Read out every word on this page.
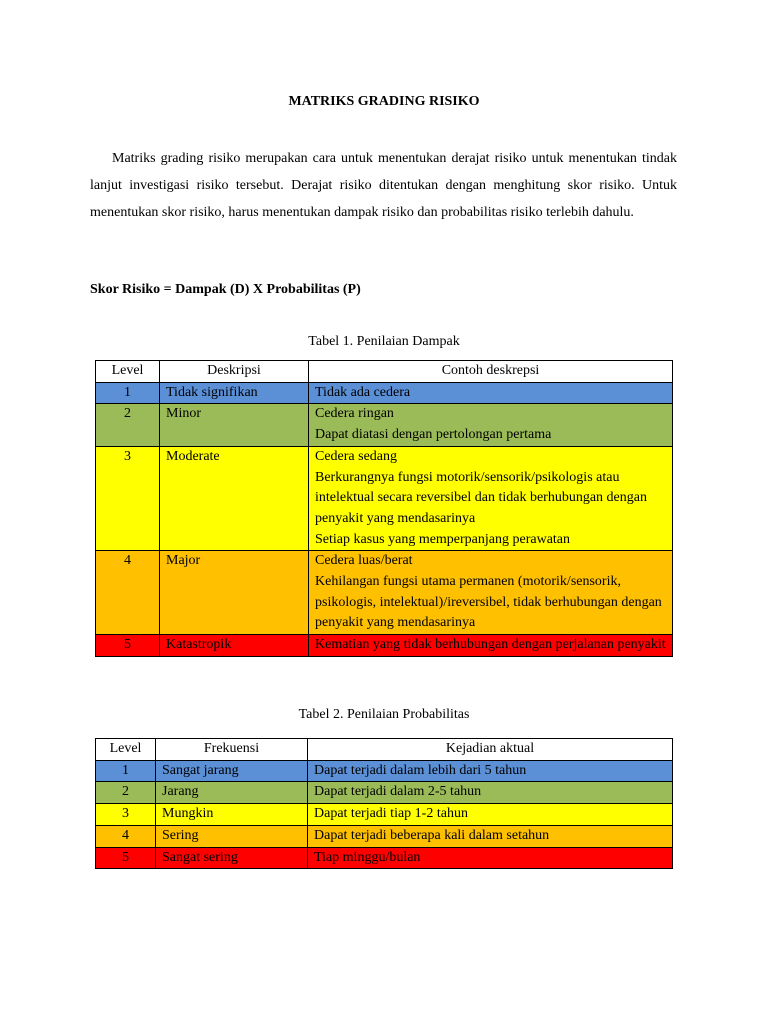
MATRIKS GRADING RISIKO

Matriks grading risiko merupakan cara untuk menentukan derajat risiko untuk menentukan tindak lanjut investigasi risiko tersebut. Derajat risiko ditentukan dengan menghitung skor risiko. Untuk menentukan skor risiko, harus menentukan dampak risiko dan probabilitas risiko terlebih dahulu.

Skor Risiko = Dampak (D) X Probabilitas (P)
Tabel 1. Penilaian Dampak
Level	Deskripsi	Contoh deskrepsi
1	Tidak signifikan	Tidak ada cedera

2	Minor	Cedera ringan
Dapat diatasi dengan pertolongan pertama

3	Moderate	Cedera sedang
Berkurangnya fungsi motorik/sensorik/psikologis atau intelektual secara reversibel dan tidak berhubungan dengan penyakit yang mendasarinya
Setiap kasus yang memperpanjang perawatan

4	Major	Cedera luas/berat
Kehilangan fungsi utama permanen (motorik/sensorik, psikologis, intelektual)/ireversibel, tidak berhubungan dengan penyakit yang mendasarinya

5	Katastropik	Kematian yang tidak berhubungan dengan perjalanan penyakit
Tabel 2. Penilaian Probabilitas
Level	Frekuensi	Kejadian aktual
1	Sangat jarang	Dapat terjadi dalam lebih dari 5 tahun
2	Jarang	Dapat terjadi dalam 2-5 tahun
3	Mungkin	Dapat terjadi tiap 1-2 tahun
4	Sering	Dapat terjadi beberapa kali dalam setahun
5	Sangat sering	Tiap minggu/bulan
